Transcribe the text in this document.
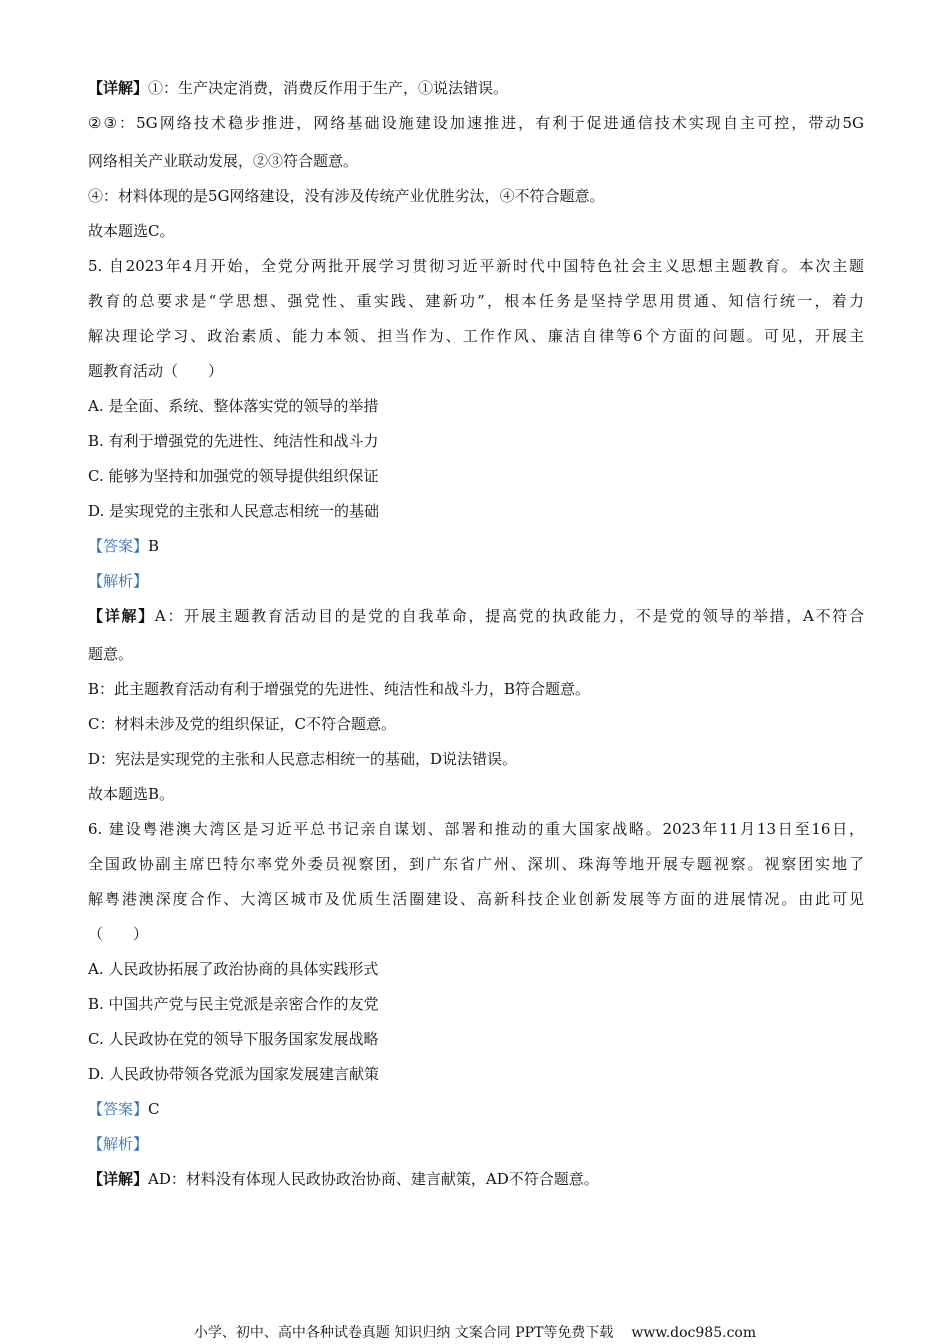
【详解】①：生产决定消费，消费反作用于生产，①说法错误。
②③：5G网络技术稳步推进，网络基础设施建设加速推进，有利于促进通信技术实现自主可控，带动5G
网络相关产业联动发展，②③符合题意。
④：材料体现的是5G网络建设，没有涉及传统产业优胜劣汰，④不符合题意。
故本题选C。
5. 自2023年4月开始，全党分两批开展学习贯彻习近平新时代中国特色社会主义思想主题教育。本次主题
教育的总要求是“学思想、强党性、重实践、建新功”，根本任务是坚持学思用贯通、知信行统一，着力
解决理论学习、政治素质、能力本领、担当作为、工作作风、廉洁自律等6个方面的问题。可见，开展主
题教育活动（　　）
A. 是全面、系统、整体落实党的领导的举措
B. 有利于增强党的先进性、纯洁性和战斗力
C. 能够为坚持和加强党的领导提供组织保证
D. 是实现党的主张和人民意志相统一的基础
【答案】B
【解析】
【详解】A：开展主题教育活动目的是党的自我革命，提高党的执政能力，不是党的领导的举措，A不符合
题意。
B：此主题教育活动有利于增强党的先进性、纯洁性和战斗力，B符合题意。
C：材料未涉及党的组织保证，C不符合题意。
D：宪法是实现党的主张和人民意志相统一的基础，D说法错误。
故本题选B。
6. 建设粤港澳大湾区是习近平总书记亲自谋划、部署和推动的重大国家战略。2023年11月13日至16日，
全国政协副主席巴特尔率党外委员视察团，到广东省广州、深圳、珠海等地开展专题视察。视察团实地了
解粤港澳深度合作、大湾区城市及优质生活圈建设、高新科技企业创新发展等方面的进展情况。由此可见
（　　）
A. 人民政协拓展了政治协商的具体实践形式
B. 中国共产党与民主党派是亲密合作的友党
C. 人民政协在党的领导下服务国家发展战略
D. 人民政协带领各党派为国家发展建言献策
【答案】C
【解析】
【详解】AD：材料没有体现人民政协政治协商、建言献策，AD不符合题意。
小学、初中、高中各种试卷真题 知识归纳 文案合同 PPT等免费下载 www.doc985.com
